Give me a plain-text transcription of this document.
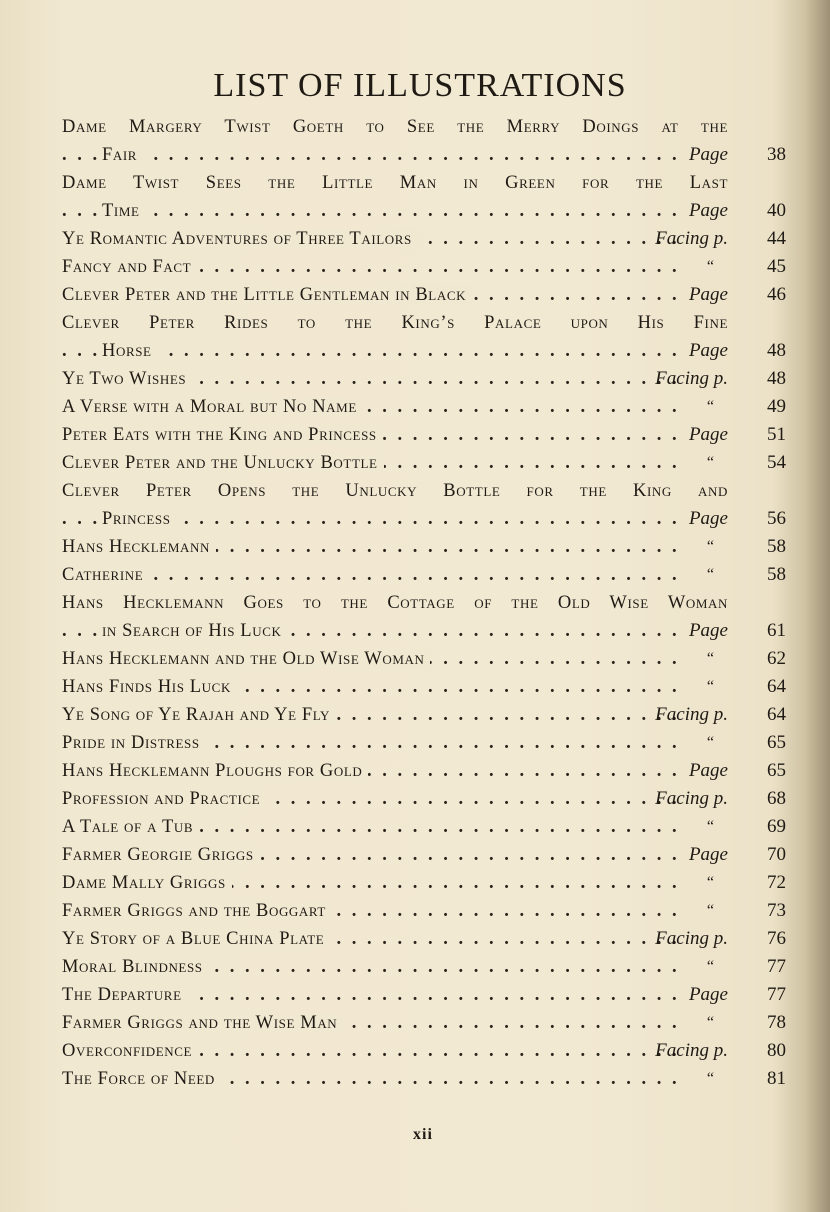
LIST OF ILLUSTRATIONS
Dame Margery Twist Goeth to See the Merry Doings at the
. . .
Fair	Page	38
Dame Twist Sees the Little Man in Green for the Last
. . .
Time	Page	40
. . .
Ye Romantic Adventures of Three Tailors	Facing p.	44
. . .
Fancy and Fact	“	45
. . .
Clever Peter and the Little Gentleman in Black	Page	46
Clever Peter Rides to the King’s Palace upon His Fine
. . .
Horse	Page	48
. . .
Ye Two Wishes	Facing p.	48
. . .
A Verse with a Moral but No Name	“	49
. . .
Peter Eats with the King and Princess	Page	51
. . .
Clever Peter and the Unlucky Bottle	“	54
Clever Peter Opens the Unlucky Bottle for the King and
. . .
Princess	Page	56
. . .
Hans Hecklemann	“	58
. . .
Catherine	“	58
Hans Hecklemann Goes to the Cottage of the Old Wise Woman
. . .
in Search of His Luck	Page	61
. . .
Hans Hecklemann and the Old Wise Woman	“	62
. . .
Hans Finds His Luck	“	64
. . .
Ye Song of Ye Rajah and Ye Fly	Facing p.	64
. . .
Pride in Distress	“	65
. . .
Hans Hecklemann Ploughs for Gold	Page	65
. . .
Profession and Practice	Facing p.	68
. . .
A Tale of a Tub	“	69
. . .
Farmer Georgie Griggs	Page	70
. . .
Dame Mally Griggs	“	72
. . .
Farmer Griggs and the Boggart	“	73
. . .
Ye Story of a Blue China Plate	Facing p.	76
. . .
Moral Blindness	“	77
. . .
The Departure	Page	77
. . .
Farmer Griggs and the Wise Man	“	78
. . .
Overconfidence	Facing p.	80
. . .
The Force of Need	“	81
xii
